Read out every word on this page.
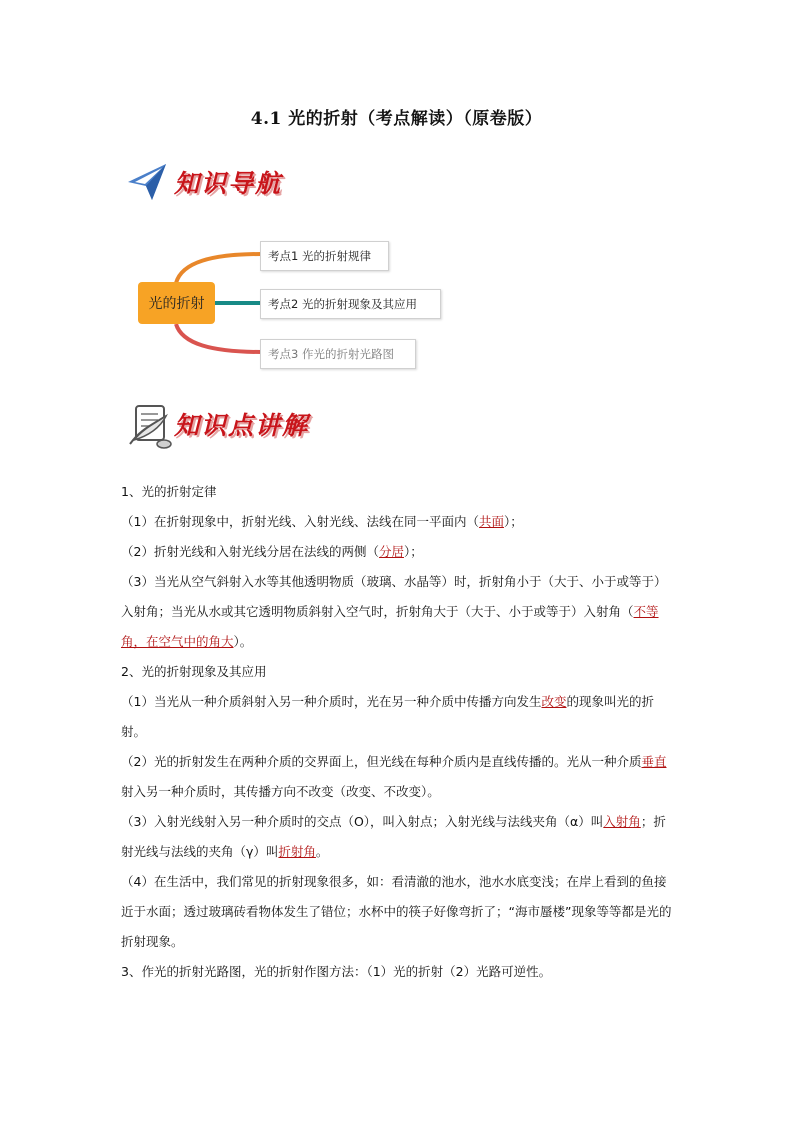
4.1 光的折射（考点解读）（原卷版）
知识导航
光的折射
考点1 光的折射规律
考点2 光的折射现象及其应用
考点3 作光的折射光路图
知识点讲解

1、光的折射定律

（1）在折射现象中，折射光线、入射光线、法线在同一平面内（共面）；

（2）折射光线和入射光线分居在法线的两侧（分居）；

（3）当光从空气斜射入水等其他透明物质（玻璃、水晶等）时，折射角小于（大于、小于或等于）入射角；当光从水或其它透明物质斜射入空气时，折射角大于（大于、小于或等于）入射角（不等角，在空气中的角大）。

2、光的折射现象及其应用

（1）当光从一种介质斜射入另一种介质时，光在另一种介质中传播方向发生改变的现象叫光的折射。

（2）光的折射发生在两种介质的交界面上，但光线在每种介质内是直线传播的。光从一种介质垂直射入另一种介质时，其传播方向不改变（改变、不改变）。

（3）入射光线射入另一种介质时的交点（O），叫入射点；入射光线与法线夹角（α）叫入射角；折射光线与法线的夹角（γ）叫折射角。

（4）在生活中，我们常见的折射现象很多，如：看清澈的池水，池水水底变浅；在岸上看到的鱼接近于水面；透过玻璃砖看物体发生了错位；水杯中的筷子好像弯折了；“海市蜃楼”现象等等都是光的折射现象。

3、作光的折射光路图，光的折射作图方法：（1）光的折射（2）光路可逆性。
